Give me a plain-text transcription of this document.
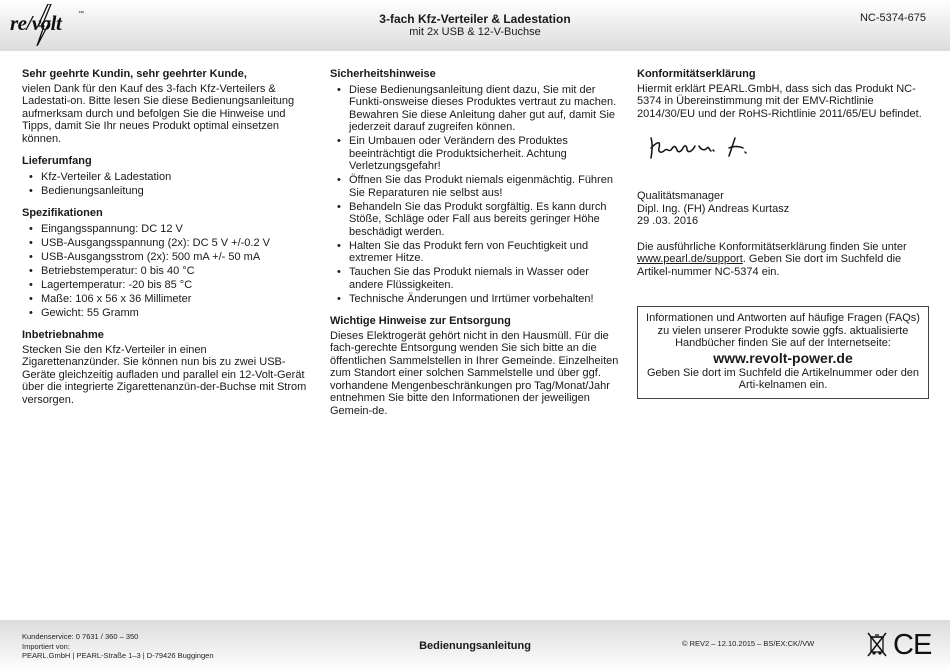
re/volt	™	3-fach Kfz-Verteiler & Ladestation
mit 2x USB & 12-V-Buchse
NC-5374-675
Sehr geehrte Kundin, sehr geehrter Kunde,

vielen Dank für den Kauf des 3-fach Kfz-Verteilers & Ladestati-on. Bitte lesen Sie diese Bedienungsanleitung aufmerksam durch und befolgen Sie die Hinweise und Tipps, damit Sie Ihr neues Produkt optimal einsetzen können.

Lieferumfang
• Kfz-Verteiler & Ladestation
• Bedienungsanleitung
Spezifikationen
• Eingangsspannung: DC 12 V
• USB-Ausgangsspannung (2x): DC 5 V +/-0.2 V
• USB-Ausgangsstrom (2x): 500 mA +/- 50 mA
• Betriebstemperatur: 0 bis 40 °C
• Lagertemperatur: -20 bis 85 °C
• Maße: 106 x 56 x 36 Millimeter
• Gewicht: 55 Gramm
Inbetriebnahme

Stecken Sie den Kfz-Verteiler in einen Zigarettenanzünder. Sie können nun bis zu zwei USB-Geräte gleichzeitig aufladen und parallel ein 12-Volt-Gerät über die integrierte Zigarettenanzün-der-Buchse mit Strom versorgen.

Sicherheitshinweise
• Diese Bedienungsanleitung dient dazu, Sie mit der Funkti-onsweise dieses Produktes vertraut zu machen. Bewahren Sie diese Anleitung daher gut auf, damit Sie jederzeit darauf zugreifen können.
• Ein Umbauen oder Verändern des Produktes beeinträchtigt die Produktsicherheit. Achtung Verletzungsgefahr!
• Öffnen Sie das Produkt niemals eigenmächtig. Führen Sie Reparaturen nie selbst aus!
• Behandeln Sie das Produkt sorgfältig. Es kann durch Stöße, Schläge oder Fall aus bereits geringer Höhe beschädigt werden.
• Halten Sie das Produkt fern von Feuchtigkeit und extremer Hitze.
• Tauchen Sie das Produkt niemals in Wasser oder andere Flüssigkeiten.
• Technische Änderungen und Irrtümer vorbehalten!
Wichtige Hinweise zur Entsorgung

Dieses Elektrogerät gehört nicht in den Hausmüll. Für die fach-gerechte Entsorgung wenden Sie sich bitte an die öffentlichen Sammelstellen in Ihrer Gemeinde. Einzelheiten zum Standort einer solchen Sammelstelle und über ggf. vorhandene Mengenbeschränkungen pro Tag/Monat/Jahr entnehmen Sie bitte den Informationen der jeweiligen Gemein-de.

Konformitätserklärung

Hiermit erklärt PEARL.GmbH, dass sich das Produkt NC-5374 in Übereinstimmung mit der EMV-Richtlinie 2014/30/EU und der RoHS-Richtlinie 2011/65/EU befindet.

Qualitätsmanager

Dipl. Ing. (FH) Andreas Kurtasz

29 .03. 2016

Die ausführliche Konformitätserklärung finden Sie unter www.pearl.de/support. Geben Sie dort im Suchfeld die Artikel-nummer NC-5374 ein.

Informationen und Antworten auf häufige Fragen (FAQs) zu vielen unserer Produkte sowie ggfs. aktualisierte Handbücher finden Sie auf der Internetseite:

www.revolt-power.de

Geben Sie dort im Suchfeld die Artikelnummer oder den Arti-kelnamen ein.

Kundenservice: 0 7631 / 360 – 350
Importiert von:
PEARL.GmbH | PEARL-Straße 1–3 | D-79426 Buggingen
Bedienungsanleitung	© REV2 – 12.10.2015 – BS/EX:CK//VW	CE
